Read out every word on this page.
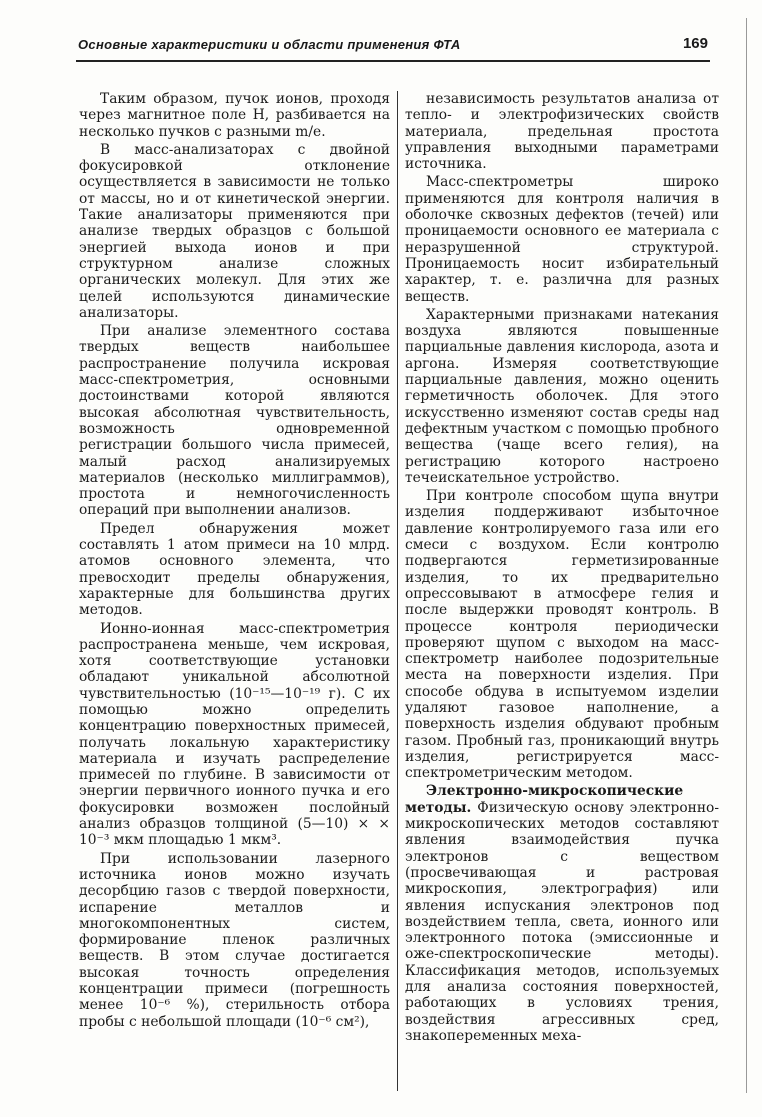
Основные характеристики и области применения ФТА	169

Таким образом, пучок ионов, проходя через магнитное поле H, разбивается на несколько пучков с разными m/e.

В масс-анализаторах с двойной фокусировкой отклонение осуществляется в зависимости не только от массы, но и от кинетической энергии. Такие анализаторы применяются при анализе твердых образцов с большой энергией выхода ионов и при структурном анализе сложных органических молекул. Для этих же целей используются динамические анализаторы.

При анализе элементного состава твердых веществ наибольшее распространение получила искровая масс-спектрометрия, основными достоинствами которой являются высокая абсолютная чувствительность, возможность одновременной регистрации большого числа примесей, малый расход анализируемых материалов (несколько миллиграммов), простота и немногочисленность операций при выполнении анализов.

Предел обнаружения может составлять 1 атом примеси на 10 млрд. атомов основного элемента, что превосходит пределы обнаружения, характерные для большинства других методов.

Ионно-ионная масс-спектрометрия распространена меньше, чем искровая, хотя соответствующие установки обладают уникальной абсолютной чувствительностью (10⁻¹⁵—10⁻¹⁹ г). С их помощью можно определить концентрацию поверхностных примесей, получать локальную характеристику материала и изучать распределение примесей по глубине. В зависимости от энергии первичного ионного пучка и его фокусировки возможен послойный анализ образцов толщиной (5—10) × × 10⁻³ мкм площадью 1 мкм³.

При использовании лазерного источника ионов можно изучать десорбцию газов с твердой поверхности, испарение металлов и многокомпонентных систем, формирование пленок различных веществ. В этом случае достигается высокая точность определения концентрации примеси (погрешность менее 10⁻⁶ %), стерильность отбора пробы с небольшой площади (10⁻⁶ см²),

независимость результатов анализа от тепло- и электрофизических свойств материала, предельная простота управления выходными параметрами источника.

Масс-спектрометры широко применяются для контроля наличия в оболочке сквозных дефектов (течей) или проницаемости основного ее материала с неразрушенной структурой. Проницаемость носит избирательный характер, т. е. различна для разных веществ.

Характерными признаками натекания воздуха являются повышенные парциальные давления кислорода, азота и аргона. Измеряя соответствующие парциальные давления, можно оценить герметичность оболочек. Для этого искусственно изменяют состав среды над дефектным участком с помощью пробного вещества (чаще всего гелия), на регистрацию которого настроено течеискательное устройство.

При контроле способом щупа внутри изделия поддерживают избыточное давление контролируемого газа или его смеси с воздухом. Если контролю подвергаются герметизированные изделия, то их предварительно опрессовывают в атмосфере гелия и после выдержки проводят контроль. В процессе контроля периодически проверяют щупом с выходом на масс-спектрометр наиболее подозрительные места на поверхности изделия. При способе обдува в испытуемом изделии удаляют газовое наполнение, а поверхность изделия обдувают пробным газом. Пробный газ, проникающий внутрь изделия, регистрируется масс-спектрометрическим методом.

Электронно-микроскопические методы. Физическую основу электронно-микроскопических методов составляют явления взаимодействия пучка электронов с веществом (просвечивающая и растровая микроскопия, электрография) или явления испускания электронов под воздействием тепла, света, ионного или электронного потока (эмиссионные и оже-спектроскопические методы). Классификация методов, используемых для анализа состояния поверхностей, работающих в условиях трения, воздействия агрессивных сред, знакопеременных меха-
